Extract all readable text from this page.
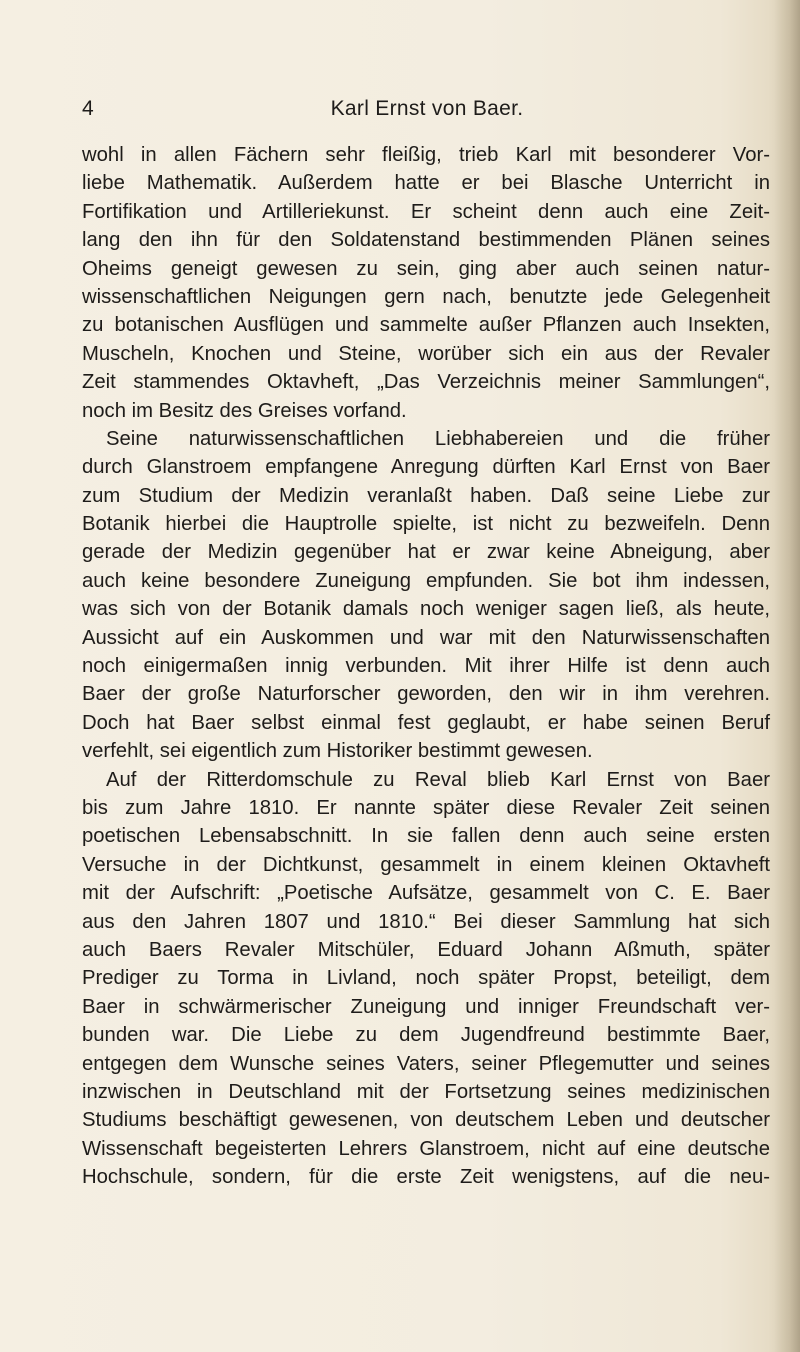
4	Karl Ernst von Baer.
wohl in allen Fächern sehr fleißig, trieb Karl mit besonderer Vor-
liebe Mathematik. Außerdem hatte er bei Blasche Unterricht in
Fortifikation und Artilleriekunst. Er scheint denn auch eine Zeit-
lang den ihn für den Soldatenstand bestimmenden Plänen seines
Oheims geneigt gewesen zu sein, ging aber auch seinen natur-
wissenschaftlichen Neigungen gern nach, benutzte jede Gelegenheit
zu botanischen Ausflügen und sammelte außer Pflanzen auch Insekten,
Muscheln, Knochen und Steine, worüber sich ein aus der Revaler
Zeit stammendes Oktavheft, „Das Verzeichnis meiner Sammlungen“,
noch im Besitz des Greises vorfand.
Seine naturwissenschaftlichen Liebhabereien und die früher
durch Glanstroem empfangene Anregung dürften Karl Ernst von Baer
zum Studium der Medizin veranlaßt haben. Daß seine Liebe zur
Botanik hierbei die Hauptrolle spielte, ist nicht zu bezweifeln. Denn
gerade der Medizin gegenüber hat er zwar keine Abneigung, aber
auch keine besondere Zuneigung empfunden. Sie bot ihm indessen,
was sich von der Botanik damals noch weniger sagen ließ, als heute,
Aussicht auf ein Auskommen und war mit den Naturwissenschaften
noch einigermaßen innig verbunden. Mit ihrer Hilfe ist denn auch
Baer der große Naturforscher geworden, den wir in ihm verehren.
Doch hat Baer selbst einmal fest geglaubt, er habe seinen Beruf
verfehlt, sei eigentlich zum Historiker bestimmt gewesen.
Auf der Ritterdomschule zu Reval blieb Karl Ernst von Baer
bis zum Jahre 1810. Er nannte später diese Revaler Zeit seinen
poetischen Lebensabschnitt. In sie fallen denn auch seine ersten
Versuche in der Dichtkunst, gesammelt in einem kleinen Oktavheft
mit der Aufschrift: „Poetische Aufsätze, gesammelt von C. E. Baer
aus den Jahren 1807 und 1810.“ Bei dieser Sammlung hat sich
auch Baers Revaler Mitschüler, Eduard Johann Aßmuth, später
Prediger zu Torma in Livland, noch später Propst, beteiligt, dem
Baer in schwärmerischer Zuneigung und inniger Freundschaft ver-
bunden war. Die Liebe zu dem Jugendfreund bestimmte Baer,
entgegen dem Wunsche seines Vaters, seiner Pflegemutter und seines
inzwischen in Deutschland mit der Fortsetzung seines medizinischen
Studiums beschäftigt gewesenen, von deutschem Leben und deutscher
Wissenschaft begeisterten Lehrers Glanstroem, nicht auf eine deutsche
Hochschule, sondern, für die erste Zeit wenigstens, auf die neu-
